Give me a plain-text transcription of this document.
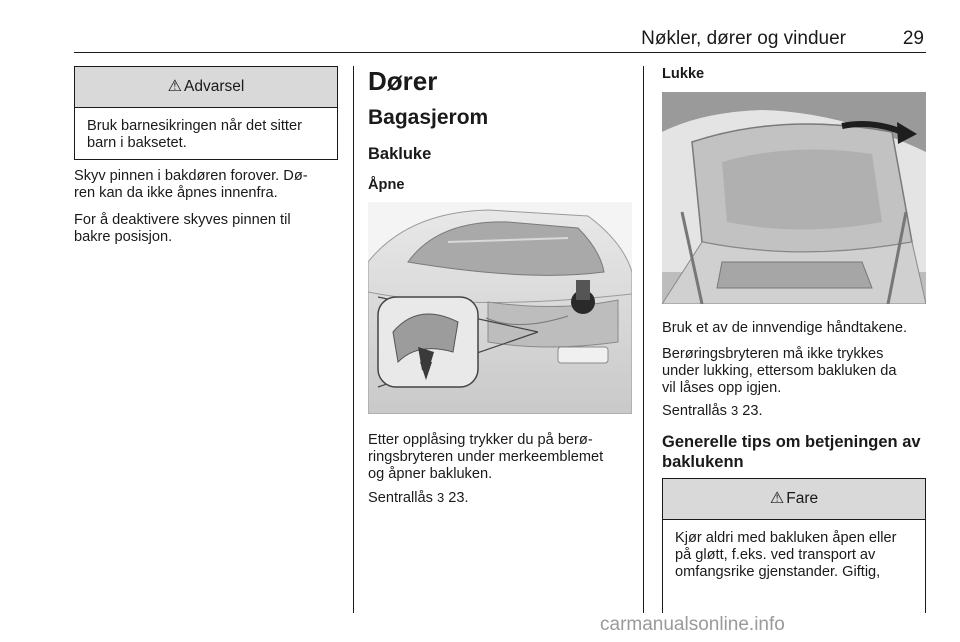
Nøkler, dører og vinduer	29
⚠ Advarsel
Bruk barnesikringen når det sitter
barn i baksetet.
Skyv pinnen i bakdøren forover. Dø-
ren kan da ikke åpnes innenfra.
For å deaktivere skyves pinnen til
bakre posisjon.
Dører
Bagasjerom
Bakluke
Åpne
Etter opplåsing trykker du på berø-
ringsbryteren under merkeemblemet
og åpner bakluken.
Sentrallås 3 23.
Lukke
Bruk et av de innvendige håndtakene.
Berøringsbryteren må ikke trykkes
under lukking, ettersom bakluken da
vil låses opp igjen.
Sentrallås 3 23.
Generelle tips om betjeningen av
baklukenn
⚠ Fare
Kjør aldri med bakluken åpen eller
på gløtt, f.eks. ved transport av
omfangsrike gjenstander. Giftig,
carmanualsonline.info
